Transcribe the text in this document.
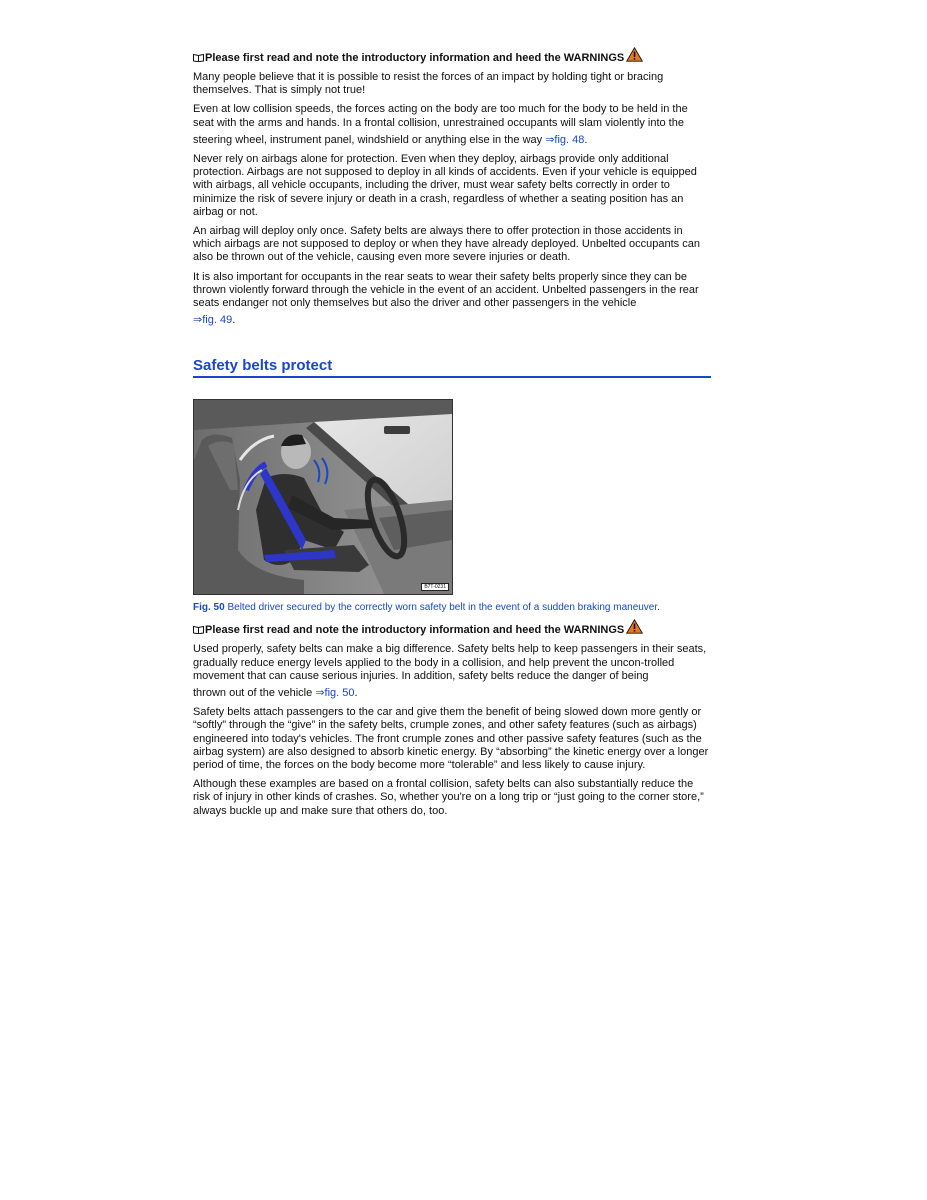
Please first read and note the introductory information and heed the WARNINGS

Many people believe that it is possible to resist the forces of an impact by holding tight or bracing themselves. That is simply not true!

Even at low collision speeds, the forces acting on the body are too much for the body to be held in the seat with the arms and hands. In a frontal collision, unrestrained occupants will slam violently into the
steering wheel, instrument panel, windshield or anything else in the way ⇒fig. 48.

Never rely on airbags alone for protection. Even when they deploy, airbags provide only additional protection. Airbags are not supposed to deploy in all kinds of accidents. Even if your vehicle is equipped with airbags, all vehicle occupants, including the driver, must wear safety belts correctly in order to minimize the risk of severe injury or death in a crash, regardless of whether a seating position has an airbag or not.

An airbag will deploy only once. Safety belts are always there to offer protection in those accidents in which airbags are not supposed to deploy or when they have already deployed. Unbelted occupants can also be thrown out of the vehicle, causing even more severe injuries or death.

It is also important for occupants in the rear seats to wear their safety belts properly since they can be thrown violently forward through the vehicle in the event of an accident. Unbelted passengers in the rear seats endanger not only themselves but also the driver and other passengers in the vehicle
⇒fig. 49.

Safety belts protect
B7T-0231
Fig. 50 Belted driver secured by the correctly worn safety belt in the event of a sudden braking maneuver.
Please first read and note the introductory information and heed the WARNINGS

Used properly, safety belts can make a big difference. Safety belts help to keep passengers in their seats, gradually reduce energy levels applied to the body in a collision, and help prevent the uncon-trolled movement that can cause serious injuries. In addition, safety belts reduce the danger of being
thrown out of the vehicle ⇒fig. 50.

Safety belts attach passengers to the car and give them the benefit of being slowed down more gently or “softly” through the “give” in the safety belts, crumple zones, and other safety features (such as airbags) engineered into today's vehicles. The front crumple zones and other passive safety features (such as the airbag system) are also designed to absorb kinetic energy. By “absorbing” the kinetic energy over a longer period of time, the forces on the body become more “tolerable” and less likely to cause injury.

Although these examples are based on a frontal collision, safety belts can also substantially reduce the risk of injury in other kinds of crashes. So, whether you're on a long trip or “just going to the corner store,” always buckle up and make sure that others do, too.
